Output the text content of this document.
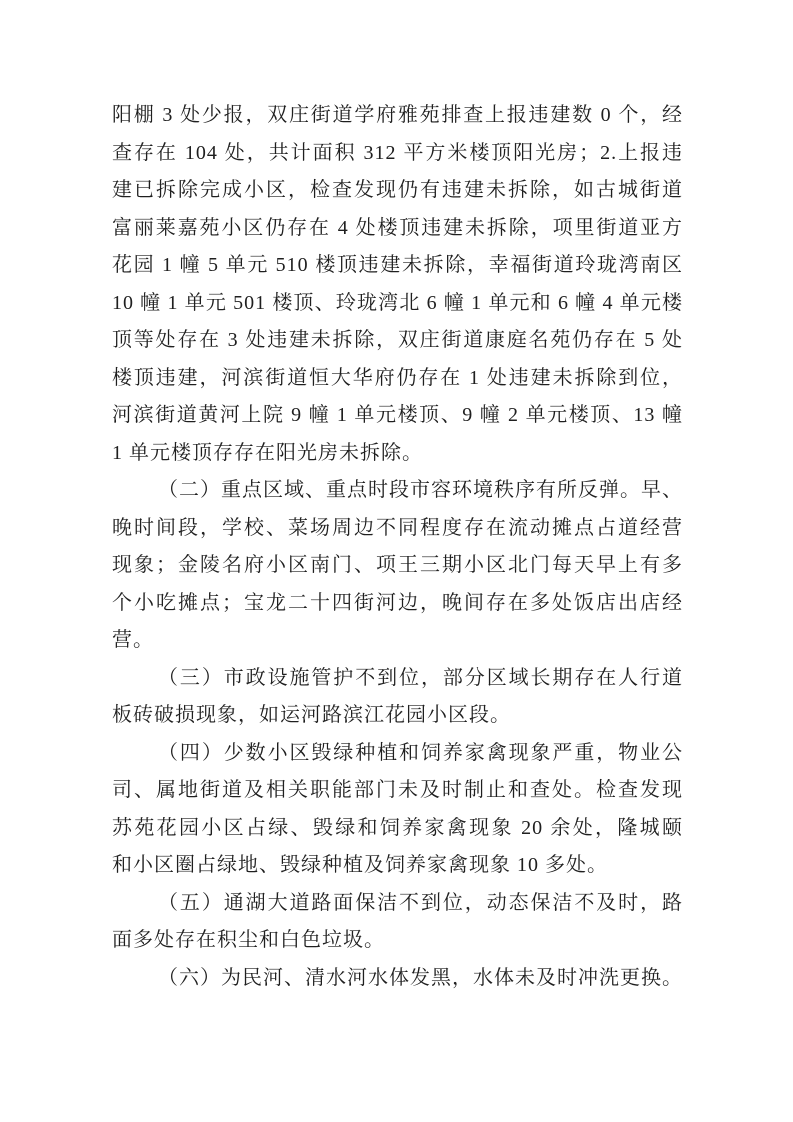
阳棚 3 处少报，双庄街道学府雅苑排查上报违建数 0 个，经
查存在 104 处，共计面积 312 平方米楼顶阳光房；2.上报违
建已拆除完成小区，检查发现仍有违建未拆除，如古城街道
富丽莱嘉苑小区仍存在 4 处楼顶违建未拆除，项里街道亚方
花园 1 幢 5 单元 510 楼顶违建未拆除，幸福街道玲珑湾南区
10 幢 1 单元 501 楼顶、玲珑湾北 6 幢 1 单元和 6 幢 4 单元楼
顶等处存在 3 处违建未拆除，双庄街道康庭名苑仍存在 5 处
楼顶违建，河滨街道恒大华府仍存在 1 处违建未拆除到位，
河滨街道黄河上院 9 幢 1 单元楼顶、9 幢 2 单元楼顶、13 幢
1 单元楼顶存存在阳光房未拆除。
（二）重点区域、重点时段市容环境秩序有所反弹。早、
晚时间段，学校、菜场周边不同程度存在流动摊点占道经营
现象；金陵名府小区南门、项王三期小区北门每天早上有多
个小吃摊点；宝龙二十四街河边，晚间存在多处饭店出店经
营。
（三）市政设施管护不到位，部分区域长期存在人行道
板砖破损现象，如运河路滨江花园小区段。
（四）少数小区毁绿种植和饲养家禽现象严重，物业公
司、属地街道及相关职能部门未及时制止和查处。检查发现
苏苑花园小区占绿、毁绿和饲养家禽现象 20 余处，隆城颐
和小区圈占绿地、毁绿种植及饲养家禽现象 10 多处。
（五）通湖大道路面保洁不到位，动态保洁不及时，路
面多处存在积尘和白色垃圾。
（六）为民河、清水河水体发黑，水体未及时冲洗更换。
